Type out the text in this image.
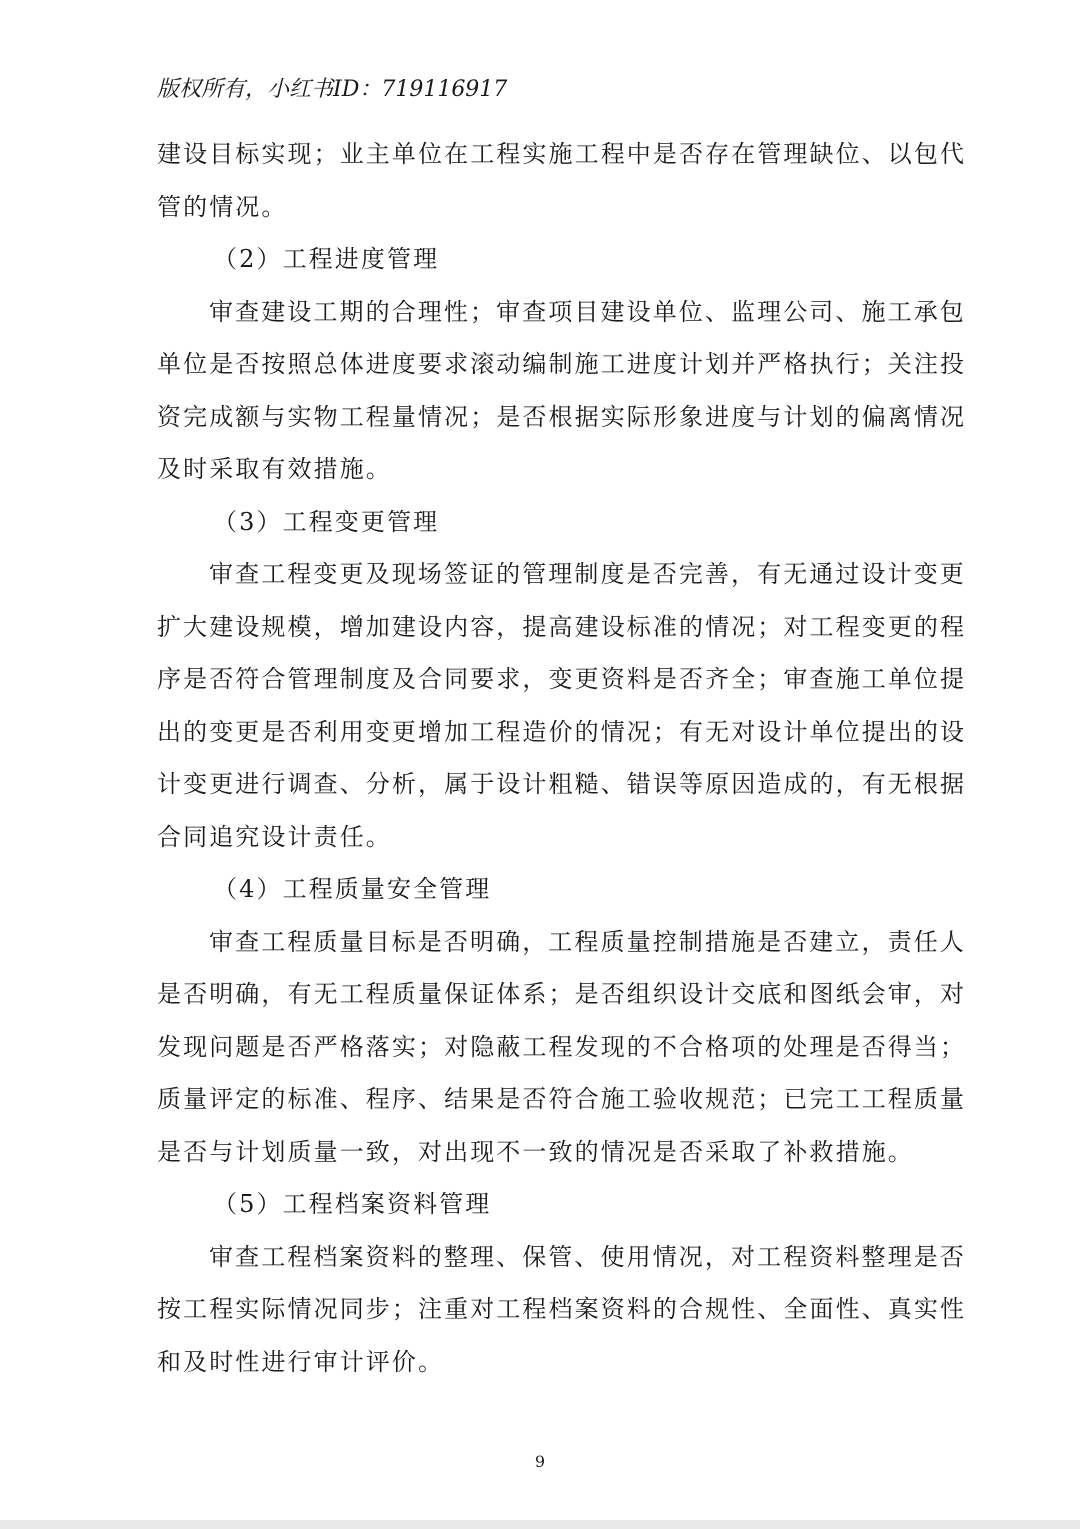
版权所有，小红书ID：719116917

建设目标实现；业主单位在工程实施工程中是否存在管理缺位、以包代
管的情况。

（2）工程进度管理

审查建设工期的合理性；审查项目建设单位、监理公司、施工承包
单位是否按照总体进度要求滚动编制施工进度计划并严格执行；关注投
资完成额与实物工程量情况；是否根据实际形象进度与计划的偏离情况
及时采取有效措施。

（3）工程变更管理

审查工程变更及现场签证的管理制度是否完善，有无通过设计变更
扩大建设规模，增加建设内容，提高建设标准的情况；对工程变更的程
序是否符合管理制度及合同要求，变更资料是否齐全；审查施工单位提
出的变更是否利用变更增加工程造价的情况；有无对设计单位提出的设
计变更进行调查、分析，属于设计粗糙、错误等原因造成的，有无根据
合同追究设计责任。

（4）工程质量安全管理

审查工程质量目标是否明确，工程质量控制措施是否建立，责任人
是否明确，有无工程质量保证体系；是否组织设计交底和图纸会审，对
发现问题是否严格落实；对隐蔽工程发现的不合格项的处理是否得当；
质量评定的标准、程序、结果是否符合施工验收规范；已完工工程质量
是否与计划质量一致，对出现不一致的情况是否采取了补救措施。

（5）工程档案资料管理

审查工程档案资料的整理、保管、使用情况，对工程资料整理是否
按工程实际情况同步；注重对工程档案资料的合规性、全面性、真实性
和及时性进行审计评价。

9
